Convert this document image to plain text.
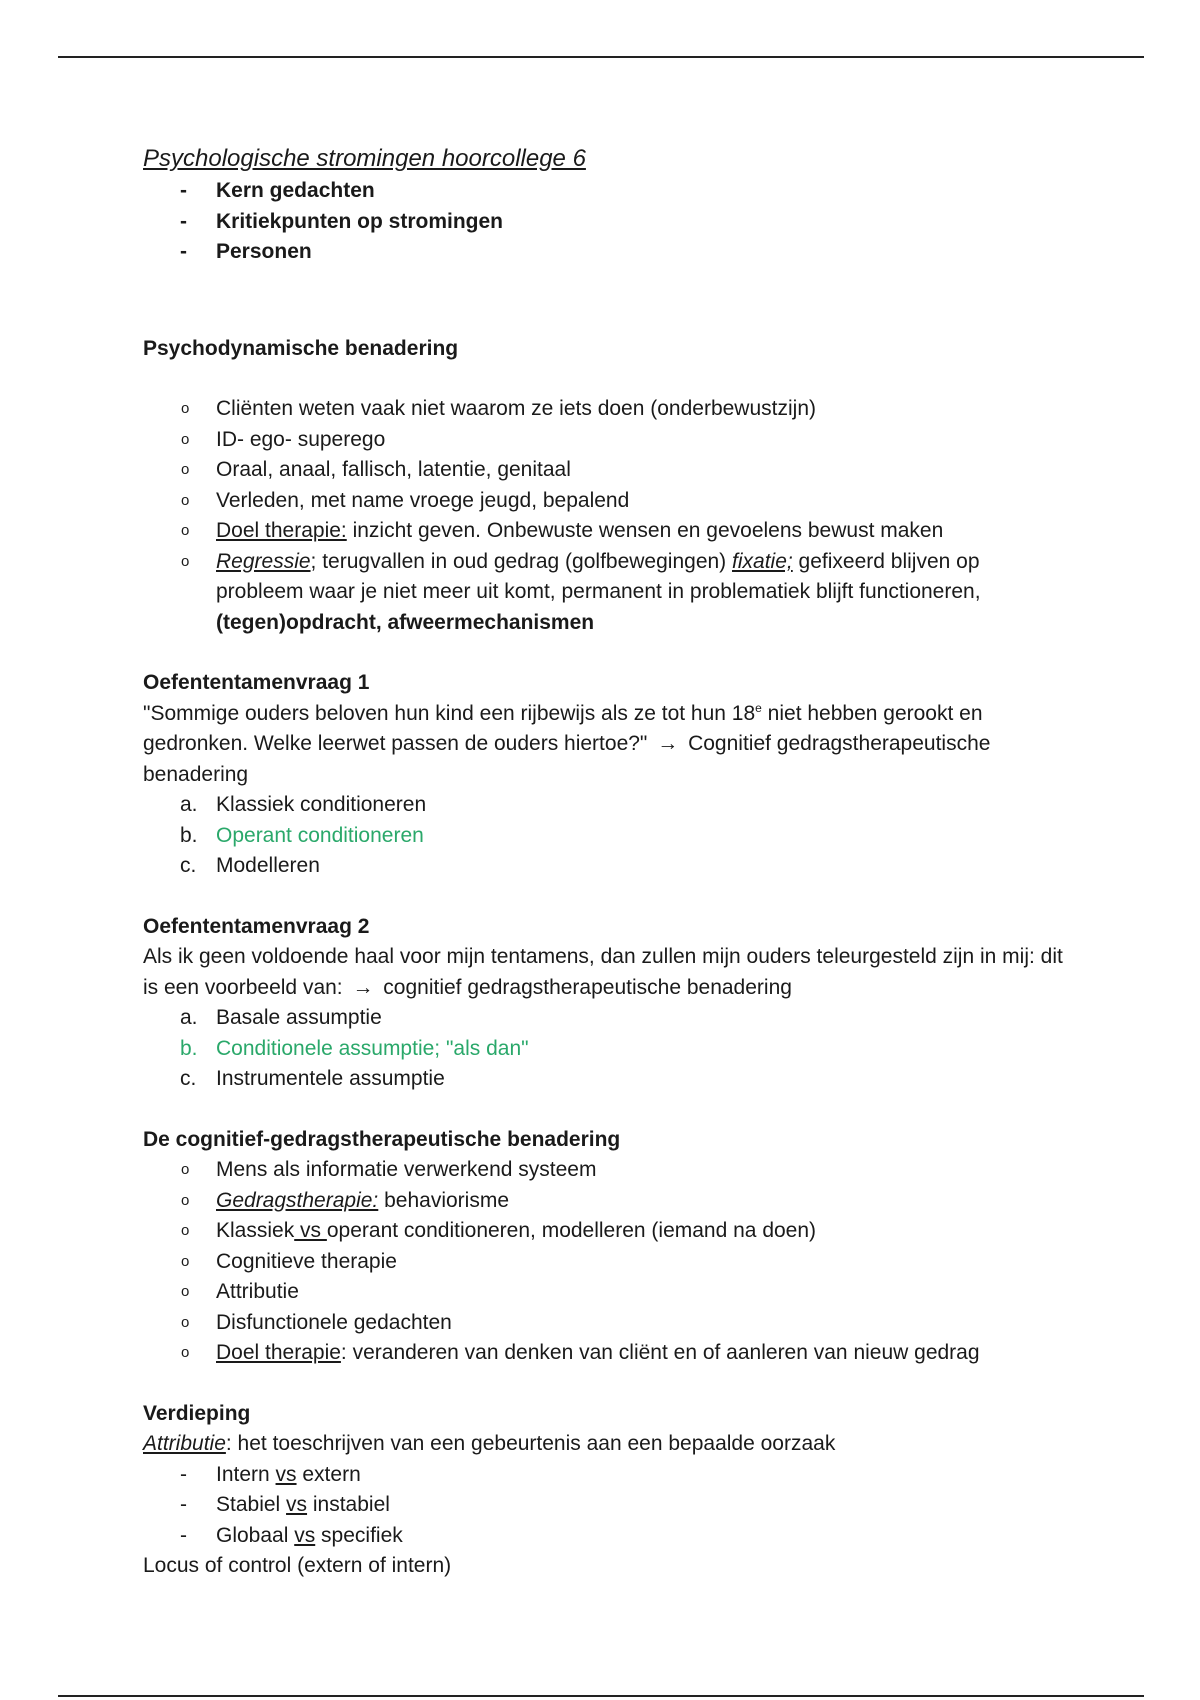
Psychologische stromingen hoorcollege 6

- Kern gedachten
- Kritiekpunten op stromingen
- Personen

Psychodynamische benadering

o Cliënten weten vaak niet waarom ze iets doen (onderbewustzijn)
o ID- ego- superego
o Oraal, anaal, fallisch, latentie, genitaal
o Verleden, met name vroege jeugd, bepalend
o Doel therapie: inzicht geven. Onbewuste wensen en gevoelens bewust maken
o Regressie; terugvallen in oud gedrag (golfbewegingen) fixatie; gefixeerd blijven op probleem waar je niet meer uit komt, permanent in problematiek blijft functioneren, (tegen)opdracht, afweermechanismen

Oefententamenvraag 1

"Sommige ouders beloven hun kind een rijbewijs als ze tot hun 18e niet hebben gerookt en gedronken. Welke leerwet passen de ouders hiertoe?" → Cognitief gedragstherapeutische benadering

a. Klassiek conditioneren
b. Operant conditioneren
c. Modelleren

Oefententamenvraag 2

Als ik geen voldoende haal voor mijn tentamens, dan zullen mijn ouders teleurgesteld zijn in mij: dit is een voorbeeld van: → cognitief gedragstherapeutische benadering

a. Basale assumptie
b. Conditionele assumptie; "als dan"
c. Instrumentele assumptie

De cognitief-gedragstherapeutische benadering

o Mens als informatie verwerkend systeem
o Gedragstherapie: behaviorisme
o Klassiek vs operant conditioneren, modelleren (iemand na doen)
o Cognitieve therapie
o Attributie
o Disfunctionele gedachten
o Doel therapie: veranderen van denken van cliënt en of aanleren van nieuw gedrag

Verdieping

Attributie: het toeschrijven van een gebeurtenis aan een bepaalde oorzaak

- Intern vs extern
- Stabiel vs instabiel
- Globaal vs specifiek

Locus of control (extern of intern)
